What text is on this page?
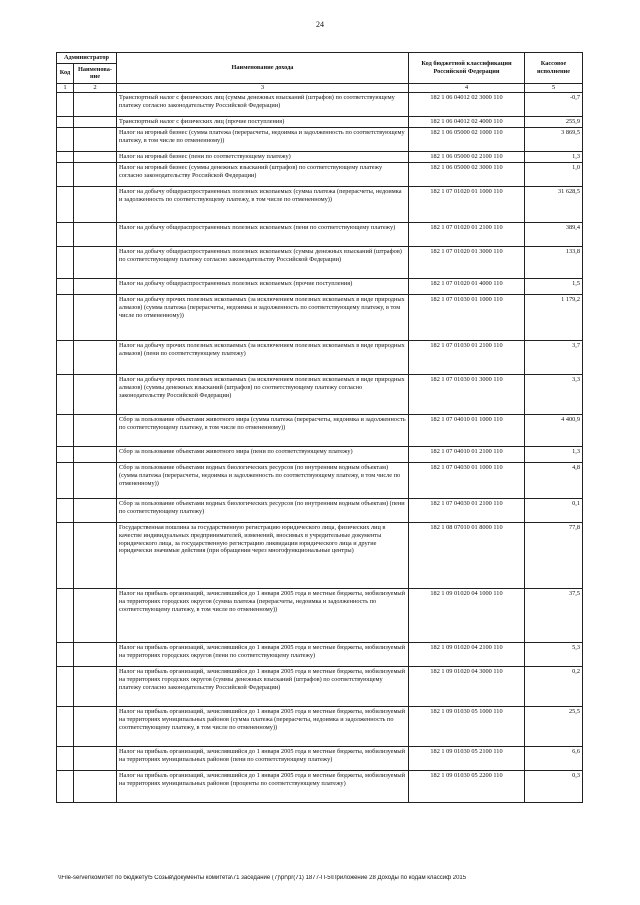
24
Администратор		Наименование дохода	Код бюджетной классификации Российской Федерации	Кассовое исполнение
Код	Наименова-ние			
1	2	3	4	5
		Транспортный налог с физических лиц (суммы денежных взысканий (штрафов) по соответствующему платежу согласно законодательству Российской Федерации)	182 1 06 04012 02 3000 110	-0,7
		Транспортный налог с физических лиц (прочие поступления)	182 1 06 04012 02 4000 110	255,9
		Налог на игорный бизнес (сумма платежа (перерасчеты, недоимка и задолженность по соответствующему платежу, в том числе по отмененному))	182 1 06 05000 02 1000 110	3 869,5
		Налог на игорный бизнес (пени по соответствующему платежу)	182 1 06 05000 02 2100 110	1,3
		Налог на игорный бизнес (суммы денежных взысканий (штрафов) по соответствующему платежу согласно законодательству Российской Федерации)	182 1 06 05000 02 3000 110	1,0
		Налог на добычу общераспространенных полезных ископаемых (сумма платежа (перерасчеты, недоимка и задолженность по соответствующему платежу, в том числе по отмененному))	182 1 07 01020 01 1000 110	31 628,5
		Налог на добычу общераспространенных полезных ископаемых (пени по соответствующему платежу)	182 1 07 01020 01 2100 110	389,4
		Налог на добычу общераспространенных полезных ископаемых (суммы денежных взысканий (штрафов) по соответствующему платежу согласно законодательству Российской Федерации)	182 1 07 01020 01 3000 110	133,8
		Налог на добычу общераспространенных полезных ископаемых (прочие поступления)	182 1 07 01020 01 4000 110	1,5
		Налог на добычу прочих полезных ископаемых (за исключением полезных ископаемых в виде природных алмазов) (сумма платежа (перерасчеты, недоимка и задолженность по соответствующему платежу, в том числе по отмененному))	182 1 07 01030 01 1000 110	1 179,2
		Налог на добычу прочих полезных ископаемых (за исключением полезных ископаемых в виде природных алмазов) (пени по соответствующему платежу)	182 1 07 01030 01 2100 110	3,7
		Налог на добычу прочих полезных ископаемых (за исключением полезных ископаемых в виде природных алмазов) (суммы денежных взысканий (штрафов) по соответствующему платежу согласно законодательству Российской Федерации)	182 1 07 01030 01 3000 110	3,3
		Сбор за пользование объектами животного мира (сумма платежа (перерасчеты, недоимка и задолженность по соответствующему платежу, в том числе по отмененному))	182 1 07 04010 01 1000 110	4 400,9
		Сбор за пользование объектами животного мира (пени по соответствующему платежу)	182 1 07 04010 01 2100 110	1,3
		Сбор за пользование объектами водных биологических ресурсов (по внутренним водным объектам) (сумма платежа (перерасчеты, недоимка и задолженность по соответствующему платежу, в том числе по отмененному))	182 1 07 04030 01 1000 110	4,8
		Сбор за пользование объектами водных биологических ресурсов (по внутренним водным объектам) (пени по соответствующему платежу)	182 1 07 04030 01 2100 110	0,1
		Государственная пошлина за государственную регистрацию юридического лица, физических лиц в качестве индивидуальных предпринимателей, изменений, вносимых в учредительные документы юридического лица, за государственную регистрацию ликвидации юридического лица и другие юридически значимые действия (при обращении через многофункциональные центры)	182 1 08 07010 01 8000 110	77,8
		Налог на прибыль организаций, зачислявшийся до 1 января 2005 года в местные бюджеты, мобилизуемый на территориях городских округов (сумма платежа (перерасчеты, недоимка и задолженность по соответствующему платежу, в том числе по отмененному))	182 1 09 01020 04 1000 110	37,5
		Налог на прибыль организаций, зачислявшийся до 1 января 2005 года в местные бюджеты, мобилизуемый на территориях городских округов (пени по соответствующему платежу)	182 1 09 01020 04 2100 110	5,3
		Налог на прибыль организаций, зачислявшийся до 1 января 2005 года в местные бюджеты, мобилизуемый на территориях городских округов (суммы денежных взысканий (штрафов) по соответствующему платежу согласно законодательству Российской Федерации)	182 1 09 01020 04 3000 110	0,2
		Налог на прибыль организаций, зачислявшийся до 1 января 2005 года в местные бюджеты, мобилизуемый на территориях муниципальных районов (сумма платежа (перерасчеты, недоимка и задолженность по соответствующему платежу, в том числе по отмененному))	182 1 09 01030 05 1000 110	25,5
		Налог на прибыль организаций, зачислявшийся до 1 января 2005 года в местные бюджеты, мобилизуемый на территориях муниципальных районов (пени по соответствующему платежу)	182 1 09 01030 05 2100 110	6,6
		Налог на прибыль организаций, зачислявшийся до 1 января 2005 года в местные бюджеты, мобилизуемый на территориях муниципальных районов (проценты по соответствующему платежу)	182 1 09 01030 05 2200 110	0,3
\\File-server\комитет по бюджету\5 Созыв\документы комитета\71 заседание (7)\pr\pr(71) 1877-П-5\Приложение 28 Доходы по кодам классиф 2015
